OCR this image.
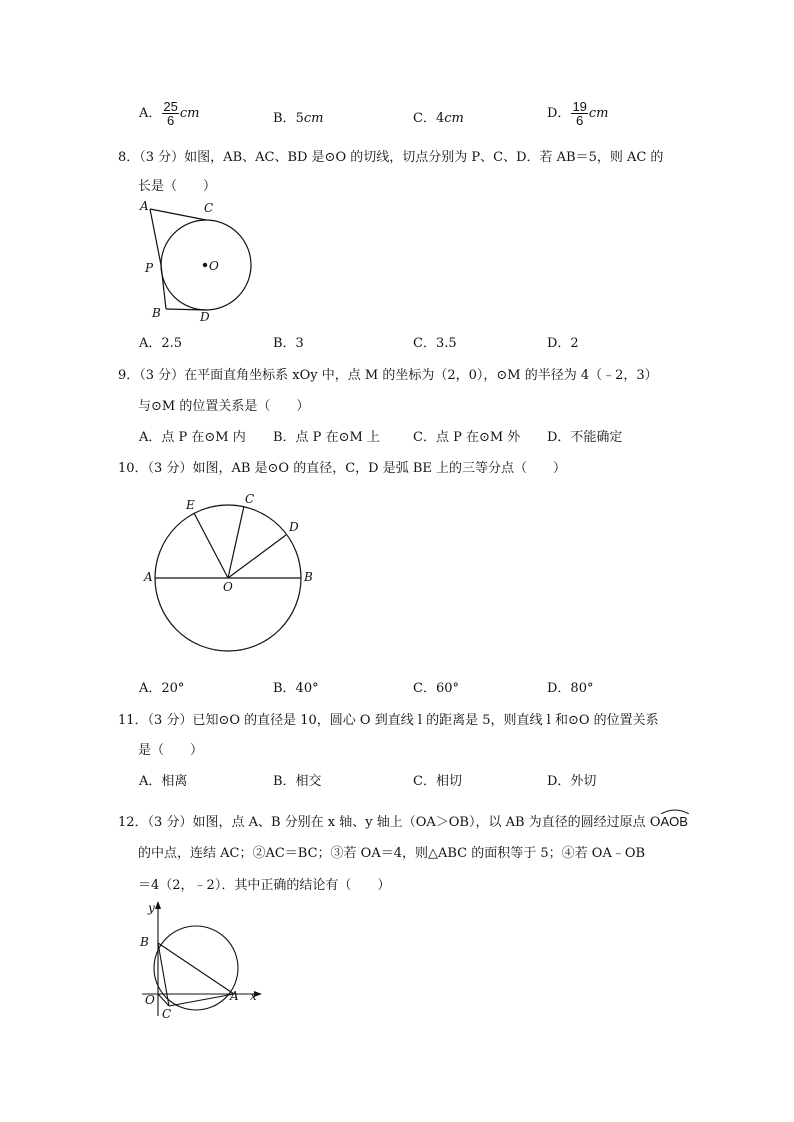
A． $\frac{25}{6}$ cm	B．5cm	C．4cm	D． $\frac{19}{6}$ cm
8．（3 分）如图，AB、AC、BD 是⊙O 的切线，切点分别为 P、C、D．若 AB＝5，则 AC 的
长是（　　）
A	C
P	O
B	D
A．2.5	B．3	C．3.5	D．2
9．（3 分）在平面直角坐标系 xOy 中，点 M 的坐标为（2，0），⊙M 的半径为 4（﹣2，3）
与⊙M 的位置关系是（　　）
A．点 P 在⊙M 内 B．点 P 在⊙M 上	C．点 P 在⊙M 外 D．不能确定
10．（3 分）如图，AB 是⊙O 的直径，C，D 是弧 BE 上的三等分点（　　）
E	C
D
A
O
B
A．20°	B．40°	C．60°	D．80°
11．（3 分）已知⊙O 的直径是 10，圆心 O 到直线 l 的距离是 5，则直线 l 和⊙O 的位置关系
是（　　）
A．相离	B．相交	C．相切	D．外切
12．（3 分）如图，点 A、B 分别在 x 轴、y 轴上（OA＞OB），以 AB 为直径的圆经过原点 O
AOB
的中点，连结 AC；②AC＝BC；③若 OA＝4，则△ABC 的面积等于 5；④若 OA﹣OB
＝4（2，﹣2）．其中正确的结论有（　　）
y
B
O
C
A x
